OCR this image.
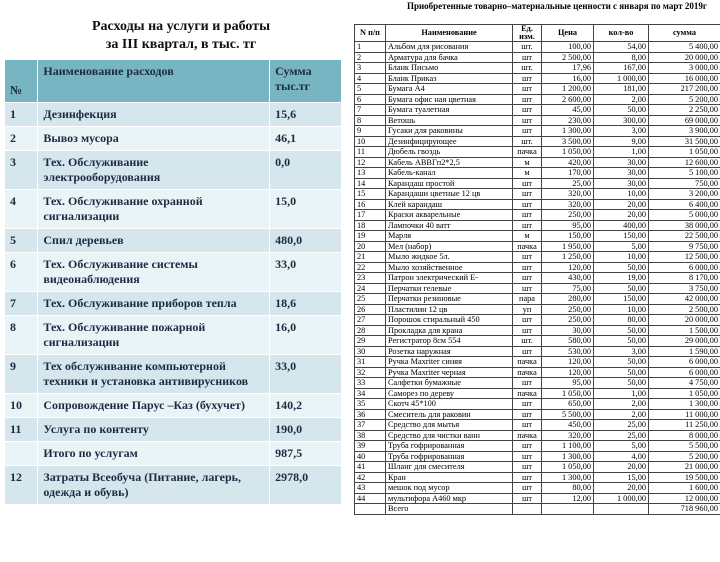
Расходы на услуги и работы
за III квартал, в тыс. тг
№	Наименование расходов	Сумма тыс.тг
1	Дезинфекция	15,6
2	Вывоз мусора	46,1
3	Тех. Обслуживание электрооборудования	0,0
4	Тех. Обслуживание охранной сигнализации	15,0
5	Спил деревьев	480,0
6	Тех. Обслуживание системы видеонаблюдения	33,0
7	Тех. Обслуживание приборов тепла	18,6
8	Тех. Обслуживание пожарной сигнализации	16,0
9	Тех обслуживание компьютерной техники и установка антивирусников	33,0
10	Сопровождение Парус –Каз (бухучет)	140,2
11	Услуга по контенту	190,0
	Итого по услугам	987,5
12	Затраты Всеобуча (Питание, лагерь, одежда и обувь)	2978,0
Приобретенные товарно–материальные ценности с января по март 2019г
N п/п	Наименование	Ед. изм.	Цена	кол-во	сумма
1	Альбом для рисования	шт.	100,00	54,00	5 400,00
2	Арматура для бачка	шт	2 500,00	8,00	20 000,00
3	Бланк Письмо	шт.	17,96	167,00	3 000,00
4	Бланк Приказ	шт	16,00	1 000,00	16 000,00
5	Бумага А4	шт	1 200,00	181,00	217 200,00
6	Бумага офис ная цветная	шт	2 600,00	2,00	5 200,00
7	Бумага туалетная	шт	45,00	50,00	2 250,00
8	Ветошь	шт	230,00	300,00	69 000,00
9	Гусаки для раковины	шт	1 300,00	3,00	3 900,00
10	Дезинфицирующее	шт.	3 500,00	9,00	31 500,00
11	Дюбель гвоздь	пачка	1 050,00	1,00	1 050,00
12	Кабель АВВГп2*2,5	м	420,00	30,00	12 600,00
13	Кабель-канал	м	170,00	30,00	5 100,00
14	Карандаш простой	шт	25,00	30,00	750,00
15	Карандаши цветные 12 цв	шт	320,00	10,00	3 200,00
16	Клей карандаш	шт	320,00	20,00	6 400,00
17	Краски акварельные	шт	250,00	20,00	5 000,00
18	Лампочки 40 ватт	шт	95,00	400,00	38 000,00
19	Марля	м	150,00	150,00	22 500,00
20	Мел (набор)	пачка	1 950,00	5,00	9 750,00
21	Мыло жидкое 5л.	шт	1 250,00	10,00	12 500,00
22	Мыло хозяйственное	шт	120,00	50,00	6 000,00
23	Патрон электрический Е-	шт	430,00	19,00	8 170,00
24	Перчатки гелевые	шт	75,00	50,00	3 750,00
25	Перчатки резиновые	пара	280,00	150,00	42 000,00
26	Пластилин 12 цв	уп	250,00	10,00	2 500,00
27	Порошок стиральный 450	шт	250,00	80,00	20 000,00
28	Прокладка для крана	шт	30,00	50,00	1 500,00
29	Регистратор 8см 554	шт.	580,00	50,00	29 000,00
30	Розетка наружная	шт	530,00	3,00	1 590,00
31	Ручка Maxriter синяя	пачка	120,00	50,00	6 000,00
32	Ручка Maxriter черная	пачка	120,00	50,00	6 000,00
33	Салфетки бумажные	шт	95,00	50,00	4 750,00
34	Саморез по дереву	пачка	1 050,00	1,00	1 050,00
35	Скотч 45*100	шт	650,00	2,00	1 300,00
36	Смеситель для раковин	шт	5 500,00	2,00	11 000,00
37	Средство для мытья	шт	450,00	25,00	11 250,00
38	Средство для чистки ванн	пачка	320,00	25,00	8 000,00
39	Труба гофрированная	шт	1 100,00	5,00	5 500,00
40	Труба гофрированная	шт	1 300,00	4,00	5 200,00
41	Шланг для смесителя	шт	1 050,00	20,00	21 000,00
42	Кран	шт	1 300,00	15,00	19 500,00
43	мешок под мусор	шт	80,00	20,00	1 600,00
44	мультифора А460 мкр	шт	12,00	1 000,00	12 000,00
	Всего				718 960,00
